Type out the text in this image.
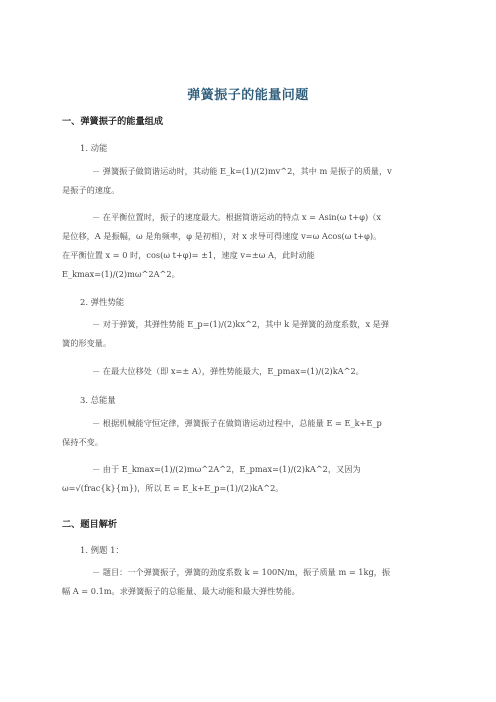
弹簧振子的能量问题
一、弹簧振子的能量组成
1. 动能
－ 弹簧振子做简谐运动时，其动能 E_k=(1)/(2)mv^2，其中 m 是振子的质量，v
是振子的速度。
－ 在平衡位置时，振子的速度最大。根据简谐运动的特点 x = Asin(ω t+φ)（x
是位移，A 是振幅，ω 是角频率，φ 是初相），对 x 求导可得速度 v=ω Acos(ω t+φ)。
在平衡位置 x = 0 时，cos(ω t+φ)= ±1，速度 v=±ω A，此时动能
E_kmax=(1)/(2)mω^2A^2。
2. 弹性势能
－ 对于弹簧，其弹性势能 E_p=(1)/(2)kx^2，其中 k 是弹簧的劲度系数，x 是弹
簧的形变量。
－ 在最大位移处（即 x=± A），弹性势能最大，E_pmax=(1)/(2)kA^2。
3. 总能量
－ 根据机械能守恒定律，弹簧振子在做简谐运动过程中，总能量 E = E_k+E_p
保持不变。
－ 由于 E_kmax=(1)/(2)mω^2A^2，E_pmax=(1)/(2)kA^2，又因为
ω=√(frac{k}{m})，所以 E = E_k+E_p=(1)/(2)kA^2。
二、题目解析
1. 例题 1：
－ 题目：一个弹簧振子，弹簧的劲度系数 k = 100N/m，振子质量 m = 1kg，振
幅 A = 0.1m。求弹簧振子的总能量、最大动能和最大弹性势能。
